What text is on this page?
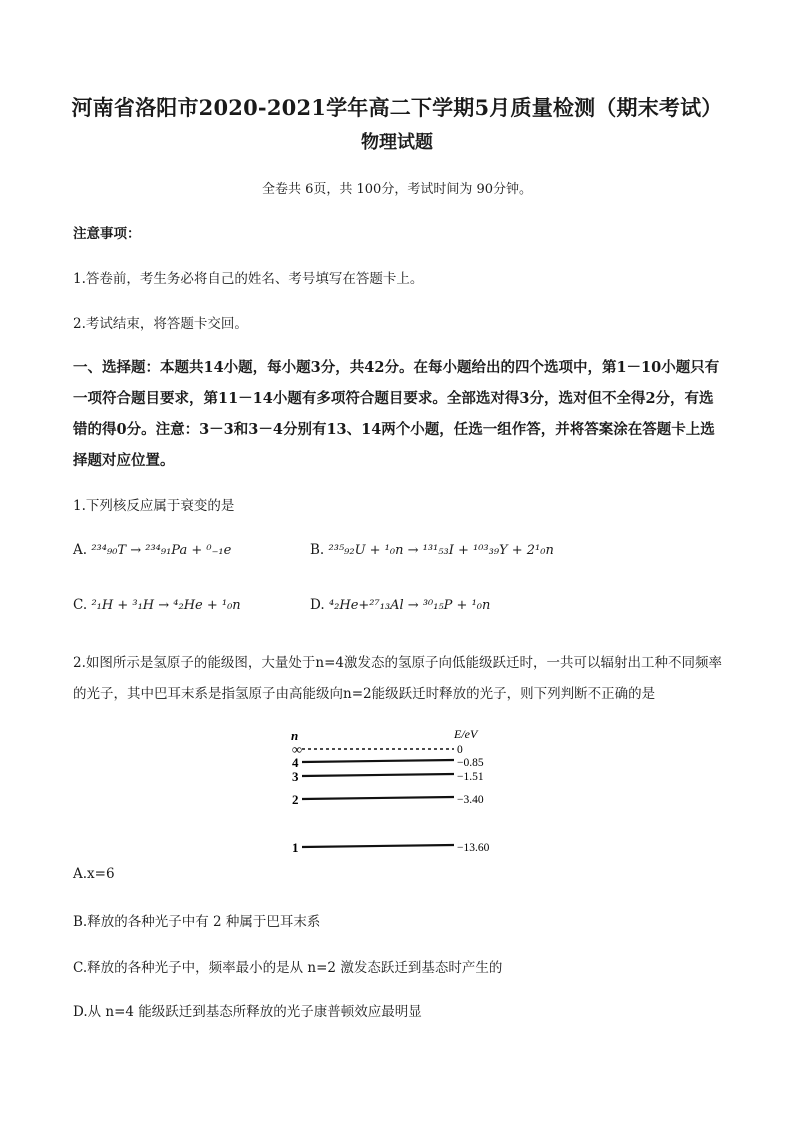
河南省洛阳市2020-2021学年高二下学期5月质量检测（期末考试）
物理试题
全卷共 6页，共 100分，考试时间为 90分钟。
注意事项：
1.答卷前，考生务必将自己的姓名、考号填写在答题卡上。
2.考试结束，将答题卡交回。
一、选择题：本题共14小题，每小题3分，共42分。在每小题给出的四个选项中，第1－10小题只有一项符合题目要求，第11－14小题有多项符合题目要求。全部选对得3分，选对但不全得2分，有选错的得0分。注意：3－3和3－4分别有13、14两个小题，任选一组作答，并将答案涂在答题卡上选择题对应位置。
1.下列核反应属于衰变的是
A. ²³⁴₉₀T → ²³⁴₉₁Pa + ⁰₋₁e	B. ²³⁵₉₂U + ¹₀n → ¹³¹₅₃I + ¹⁰³₃₉Y + 2¹₀n
C. ²₁H + ³₁H → ⁴₂He + ¹₀n	D. ⁴₂He+²⁷₁₃Al → ³⁰₁₅P + ¹₀n
2.如图所示是氢原子的能级图，大量处于n=4激发态的氢原子向低能级跃迁时，一共可以辐射出工种不同频率的光子，其中巴耳末系是指氢原子由高能级向n=2能级跃迁时释放的光子，则下列判断不正确的是
n	E/eV
∞	0
4	−0.85
3	−1.51
2	−3.40
1	−13.60
A.x=6
B.释放的各种光子中有 2 种属于巴耳末系
C.释放的各种光子中，频率最小的是从 n=2 激发态跃迁到基态时产生的
D.从 n=4 能级跃迁到基态所释放的光子康普顿效应最明显
